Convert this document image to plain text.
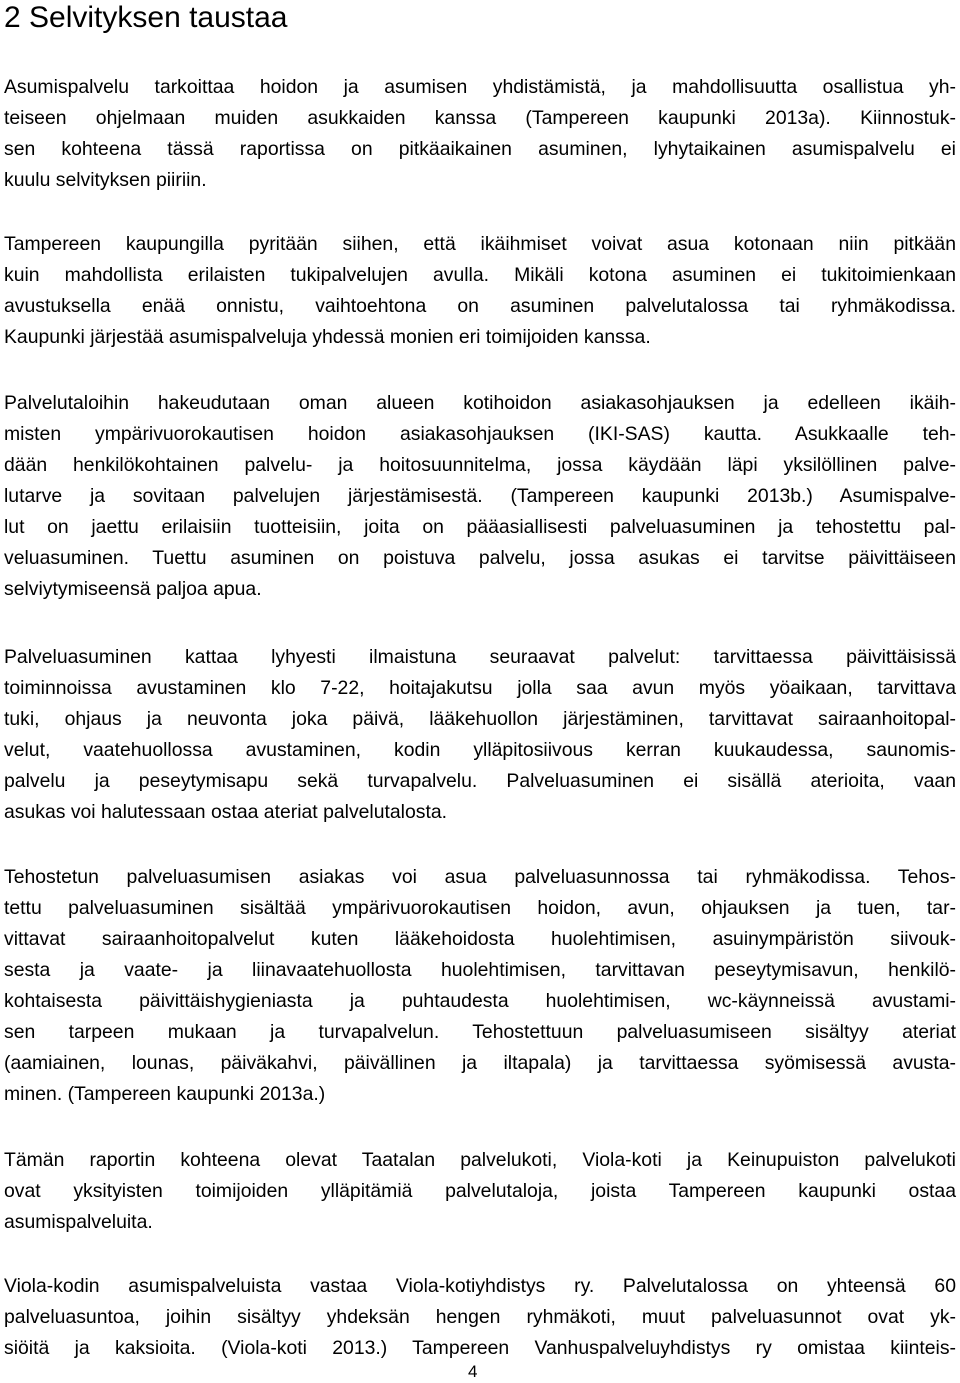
2 Selvityksen taustaa
Asumispalvelu tarkoittaa hoidon ja asumisen yhdistämistä, ja mahdollisuutta osallistua yh-
teiseen ohjelmaan muiden asukkaiden kanssa (Tampereen kaupunki 2013a). Kiinnostuk-
sen kohteena tässä raportissa on pitkäaikainen asuminen, lyhytaikainen asumispalvelu ei
kuulu selvityksen piiriin.
Tampereen kaupungilla pyritään siihen, että ikäihmiset voivat asua kotonaan niin pitkään
kuin mahdollista erilaisten tukipalvelujen avulla. Mikäli kotona asuminen ei tukitoimienkaan
avustuksella enää onnistu, vaihtoehtona on asuminen palvelutalossa tai ryhmäkodissa.
Kaupunki järjestää asumispalveluja yhdessä monien eri toimijoiden kanssa.
Palvelutaloihin hakeudutaan oman alueen kotihoidon asiakasohjauksen ja edelleen ikäih-
misten ympärivuorokautisen hoidon asiakasohjauksen (IKI-SAS) kautta. Asukkaalle teh-
dään henkilökohtainen palvelu- ja hoitosuunnitelma, jossa käydään läpi yksilöllinen palve-
lutarve ja sovitaan palvelujen järjestämisestä. (Tampereen kaupunki 2013b.) Asumispalve-
lut on jaettu erilaisiin tuotteisiin, joita on pääasiallisesti palveluasuminen ja tehostettu pal-
veluasuminen. Tuettu asuminen on poistuva palvelu, jossa asukas ei tarvitse päivittäiseen
selviytymiseensä paljoa apua.
Palveluasuminen kattaa lyhyesti ilmaistuna seuraavat palvelut: tarvittaessa päivittäisissä
toiminnoissa avustaminen klo 7-22, hoitajakutsu jolla saa avun myös yöaikaan, tarvittava
tuki, ohjaus ja neuvonta joka päivä, lääkehuollon järjestäminen, tarvittavat sairaanhoitopal-
velut, vaatehuollossa avustaminen, kodin ylläpitosiivous kerran kuukaudessa, saunomis-
palvelu ja peseytymisapu sekä turvapalvelu. Palveluasuminen ei sisällä aterioita, vaan
asukas voi halutessaan ostaa ateriat palvelutalosta.
Tehostetun palveluasumisen asiakas voi asua palveluasunnossa tai ryhmäkodissa. Tehos-
tettu palveluasuminen sisältää ympärivuorokautisen hoidon, avun, ohjauksen ja tuen, tar-
vittavat sairaanhoitopalvelut kuten lääkehoidosta huolehtimisen, asuinympäristön siivouk-
sesta ja vaate- ja liinavaatehuollosta huolehtimisen, tarvittavan peseytymisavun, henkilö-
kohtaisesta päivittäishygieniasta ja puhtaudesta huolehtimisen, wc-käynneissä avustami-
sen tarpeen mukaan ja turvapalvelun. Tehostettuun palveluasumiseen sisältyy ateriat
(aamiainen, lounas, päiväkahvi, päivällinen ja iltapala) ja tarvittaessa syömisessä avusta-
minen. (Tampereen kaupunki 2013a.)
Tämän raportin kohteena olevat Taatalan palvelukoti, Viola-koti ja Keinupuiston palvelukoti
ovat yksityisten toimijoiden ylläpitämiä palvelutaloja, joista Tampereen kaupunki ostaa
asumispalveluita.
Viola-kodin asumispalveluista vastaa Viola-kotiyhdistys ry. Palvelutalossa on yhteensä 60
palveluasuntoa, joihin sisältyy yhdeksän hengen ryhmäkoti, muut palveluasunnot ovat yk-
siöitä ja kaksioita. (Viola-koti 2013.) Tampereen Vanhuspalveluyhdistys ry omistaa kiinteis-
4
